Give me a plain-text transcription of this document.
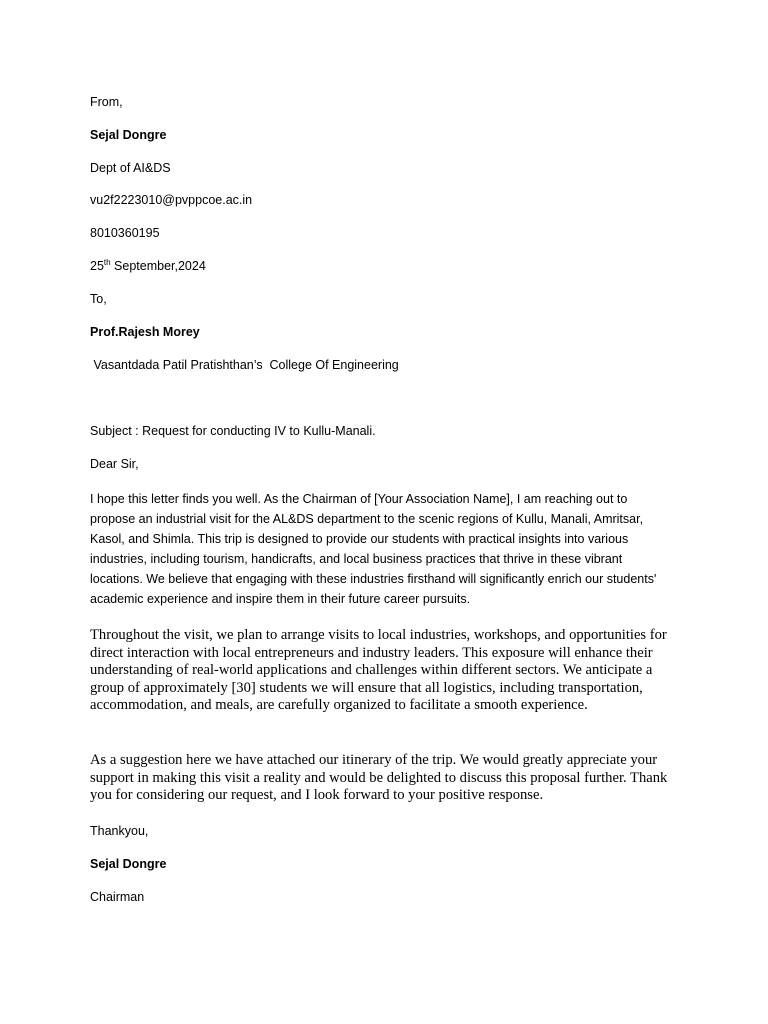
From,

Sejal Dongre

Dept of AI&DS

vu2f2223010@pvppcoe.ac.in

8010360195

25th September,2024

To,

Prof.Rajesh Morey

Vasantdada Patil Pratishthan’s  College Of Engineering

Subject : Request for conducting IV to Kullu-Manali.

Dear Sir,

I hope this letter finds you well. As the Chairman of [Your Association Name], I am reaching out to propose an industrial visit for the AL&DS department to the scenic regions of Kullu, Manali, Amritsar, Kasol, and Shimla. This trip is designed to provide our students with practical insights into various industries, including tourism, handicrafts, and local business practices that thrive in these vibrant locations. We believe that engaging with these industries firsthand will significantly enrich our students' academic experience and inspire them in their future career pursuits.

Throughout the visit, we plan to arrange visits to local industries, workshops, and opportunities for direct interaction with local entrepreneurs and industry leaders. This exposure will enhance their understanding of real-world applications and challenges within different sectors. We anticipate a group of approximately [30] students we will ensure that all logistics, including transportation, accommodation, and meals, are carefully organized to facilitate a smooth experience.

As a suggestion here we have attached our itinerary of the trip. We would greatly appreciate your support in making this visit a reality and would be delighted to discuss this proposal further. Thank you for considering our request, and I look forward to your positive response.

Thankyou,

Sejal Dongre

Chairman
